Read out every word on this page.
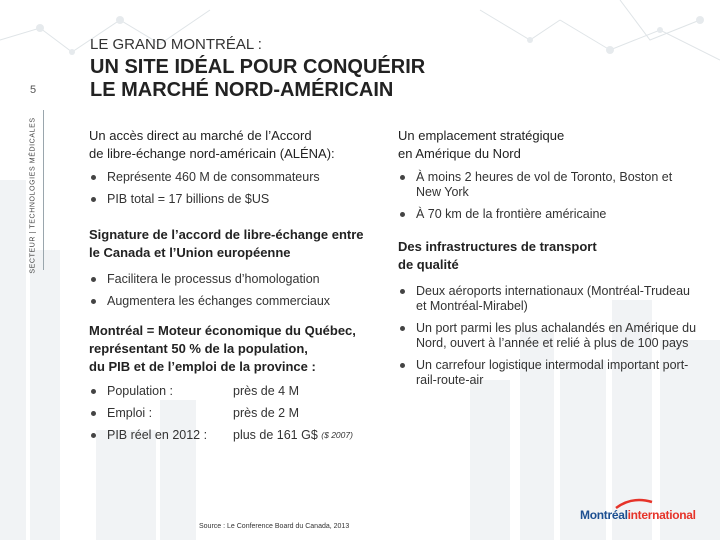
5
SECTEUR | TECHNOLOGIES MÉDICALES
LE GRAND MONTRÉAL :
UN SITE IDÉAL POUR CONQUÉRIR
LE MARCHÉ NORD-AMÉRICAIN
Un accès direct au marché de l’Accord
de libre-échange nord-américain (ALÉNA):
Représente 460 M de consommateurs
PIB total = 17 billions de $US
Signature de l’accord de libre-échange entre
le Canada et l’Union européenne
Facilitera le processus d’homologation
Augmentera les échanges commerciaux
Montréal = Moteur économique du Québec,
représentant 50 % de la population,
du PIB et de l’emploi de la province :
Population :	près de 4 M
Emploi :	près de 2 M
PIB réel en 2012 :	plus de 161 G$
($ 2007)
Un emplacement stratégique
en Amérique du Nord
À moins 2 heures de vol de Toronto, Boston et New York
À 70 km de la frontière américaine
Des infrastructures de transport
de qualité
Deux aéroports internationaux (Montréal-Trudeau et Montréal-Mirabel)
Un port parmi les plus achalandés en Amérique du Nord, ouvert à l’année et relié à plus de 100 pays
Un carrefour logistique intermodal important port-rail-route-air
Source : Le Conference Board du Canada, 2013
Montréalinternational
